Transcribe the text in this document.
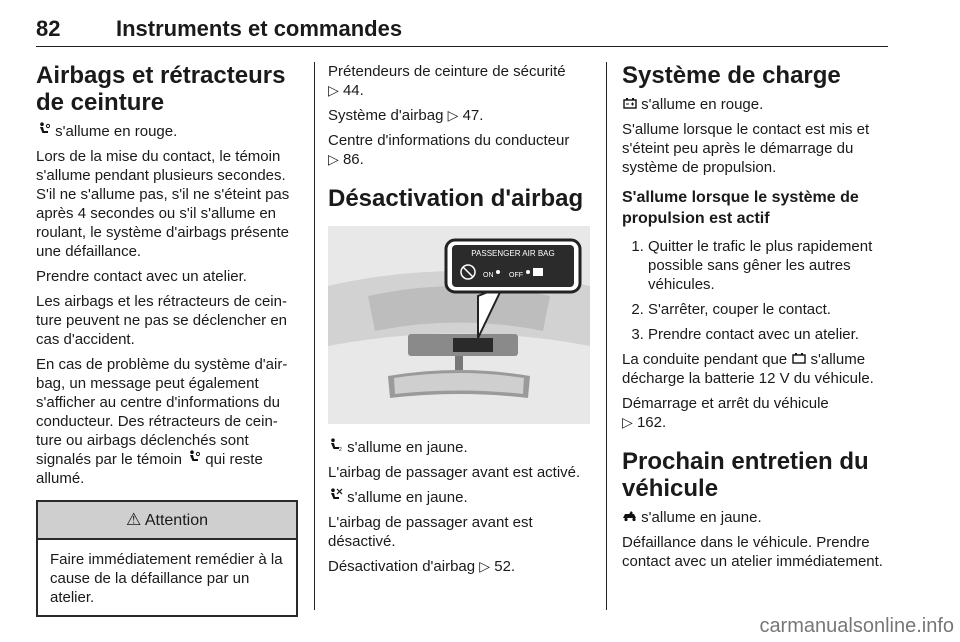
82	Instruments et commandes
Airbags et rétracteurs de ceinture
s'allume en rouge.
Lors de la mise du contact, le témoin s'allume pendant plusieurs secondes. S'il ne s'allume pas, s'il ne s'éteint pas après 4 secondes ou s'il s'allume en roulant, le système d'airbags présente une défaillance.
Prendre contact avec un atelier.
Les airbags et les rétracteurs de ceinture peuvent ne pas se déclencher en cas d'accident.
En cas de problème du système d'airbag, un message peut également s'afficher au centre d'informations du conducteur. Des rétracteurs de ceinture ou airbags déclenchés sont signalés par le témoin qui reste allumé.
⚠ Attention
Faire immédiatement remédier à la cause de la défaillance par un atelier.
Prétendeurs de ceinture de sécurité
▷ 44.
Système d'airbag ▷ 47.
Centre d'informations du conducteur
▷ 86.
Désactivation d'airbag
PASSENGER AIR BAG
ON OFF
2 s'allume en jaune.
L'airbag de passager avant est activé.
s'allume en jaune.
L'airbag de passager avant est désactivé.
Désactivation d'airbag ▷ 52.
Système de charge
s'allume en rouge.
S'allume lorsque le contact est mis et s'éteint peu après le démarrage du système de propulsion.
S'allume lorsque le système de propulsion est actif
1. Quitter le trafic le plus rapidement possible sans gêner les autres véhicules.
2. S'arrêter, couper le contact.
3. Prendre contact avec un atelier.
La conduite pendant que s'allume décharge la batterie 12 V du véhicule.
Démarrage et arrêt du véhicule
▷ 162.
Prochain entretien du véhicule
s'allume en jaune.
Défaillance dans le véhicule. Prendre contact avec un atelier immédiatement.
carmanualsonline.info
